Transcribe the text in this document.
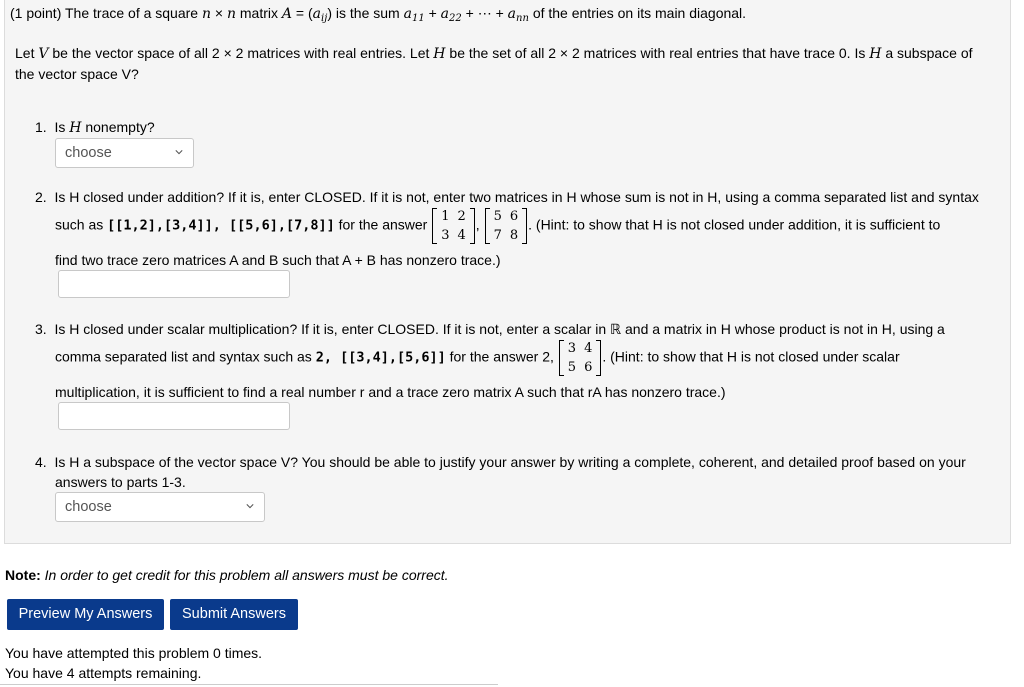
(1 point) The trace of a square n × n matrix $A = (a_{ij})$ is the sum $a_{11} + a_{22}$ + ⋯ + $a_{nn}$ of the entries on its main diagonal.
Let V be the vector space of all 2 × 2 matrices with real entries. Let H be the set of all 2 × 2 matrices with real entries that have trace 0. Is H a subspace of
the vector space V?
1. Is H nonempty?
choose
2. Is H closed under addition? If it is, enter CLOSED. If it is not, enter two matrices in H whose sum is not in H, using a comma separated list and syntax
such as [[1,2],[3,4]], [[5,6],[7,8]] for the answer
1	2
3	4
,
5	6
7	8
. (Hint: to show that H is not closed under addition, it is sufficient to
find two trace zero matrices A and B such that A + B has nonzero trace.)
3. Is H closed under scalar multiplication? If it is, enter CLOSED. If it is not, enter a scalar in ℝ and a matrix in H whose product is not in H, using a
comma separated list and syntax such as 2, [[3,4],[5,6]] for the answer 2,
3	4
5	6
. (Hint: to show that H is not closed under scalar
multiplication, it is sufficient to find a real number r and a trace zero matrix A such that rA has nonzero trace.)
4. Is H a subspace of the vector space V? You should be able to justify your answer by writing a complete, coherent, and detailed proof based on your
answers to parts 1-3.
choose
Note: In order to get credit for this problem all answers must be correct.
Preview My Answers	Submit Answers
You have attempted this problem 0 times.
You have 4 attempts remaining.
